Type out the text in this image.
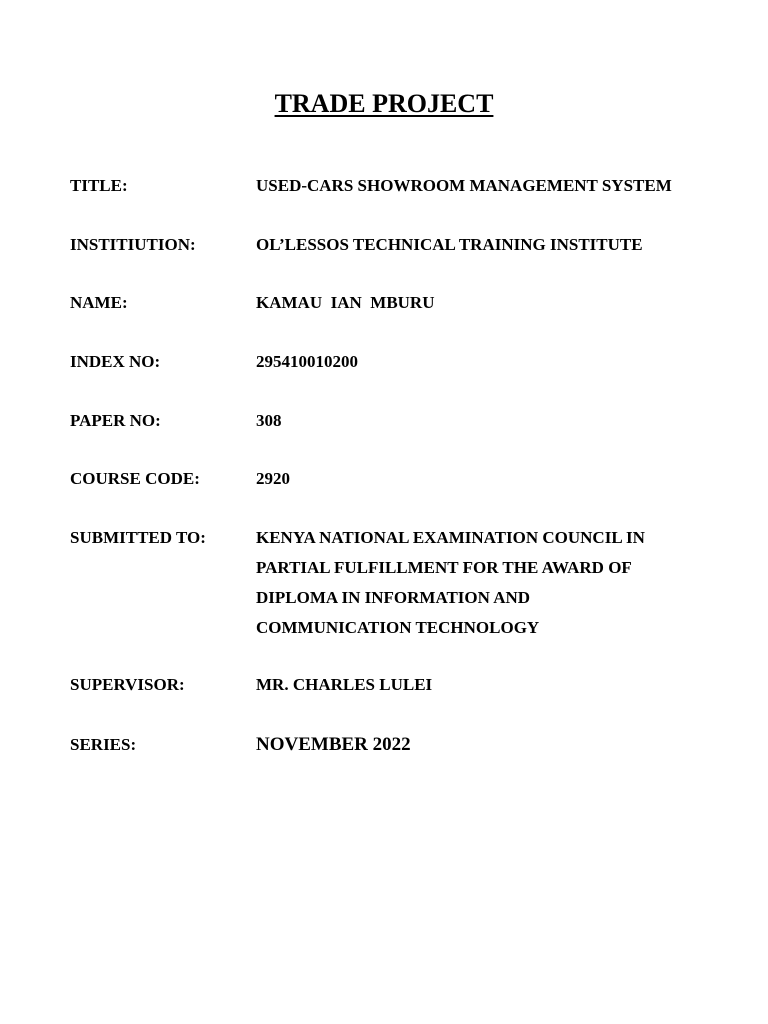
TRADE PROJECT
TITLE:	USED-CARS SHOWROOM MANAGEMENT SYSTEM
INSTITIUTION:	OL’LESSOS TECHNICAL TRAINING INSTITUTE
NAME:	KAMAU  IAN  MBURU
INDEX NO:	295410010200
PAPER NO:	308
COURSE CODE:	2920
SUBMITTED TO:	KENYA NATIONAL EXAMINATION COUNCIL IN
PARTIAL FULFILLMENT FOR THE AWARD OF
DIPLOMA IN INFORMATION AND
COMMUNICATION TECHNOLOGY
SUPERVISOR:	MR. CHARLES LULEI
SERIES:	NOVEMBER 2022
